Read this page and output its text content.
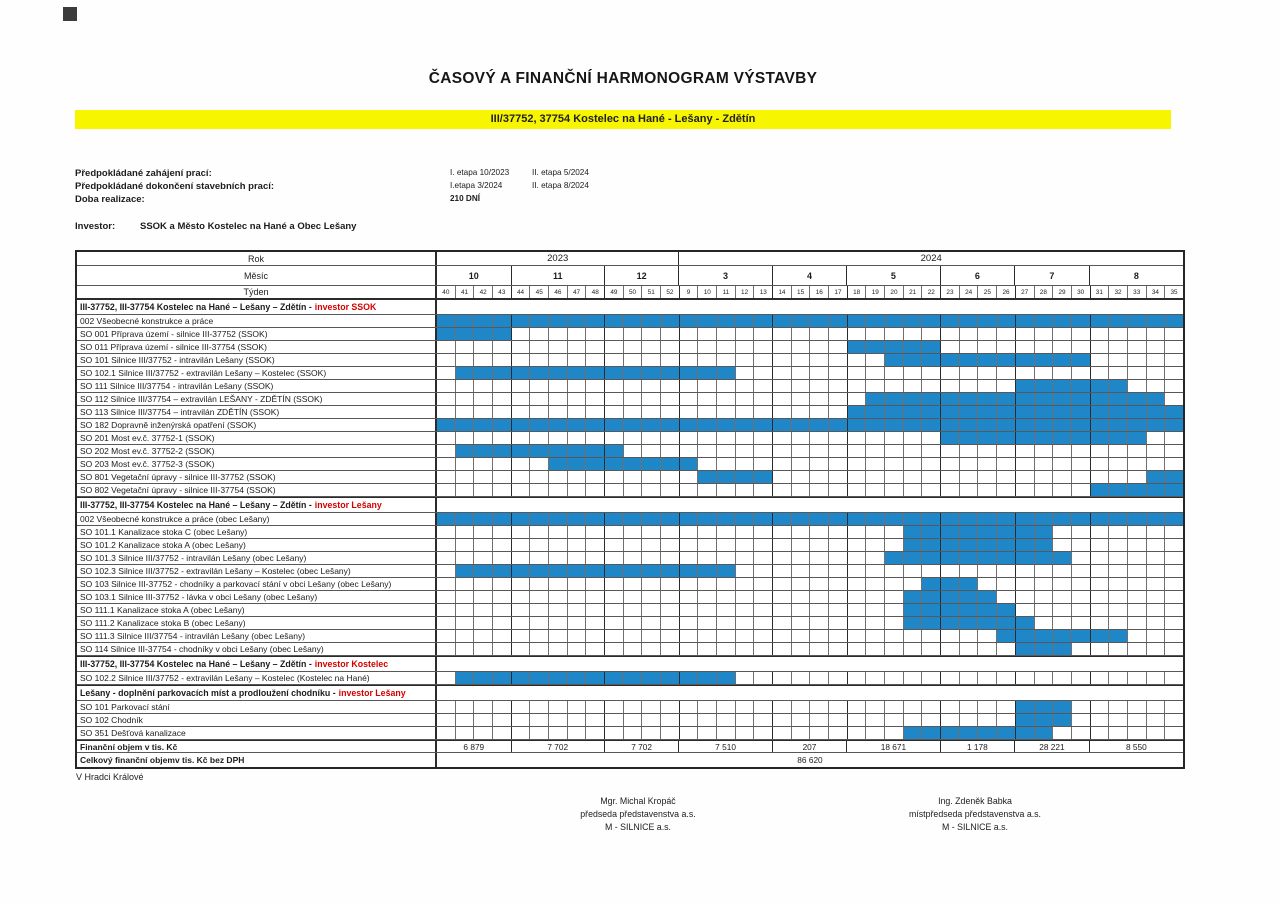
ČASOVÝ A FINANČNÍ HARMONOGRAM VÝSTAVBY
III/37752, 37754 Kostelec na Hané - Lešany - Zdětín
Předpokládané zahájení prací:	I. etapa 10/2023	II. etapa 5/2024
Předpokládané dokončení stavebních prací:	I.etapa 3/2024	II. etapa 8/2024
Doba realizace:	210 DNÍ
Investor:	SSOK a Město Kostelec na Hané a Obec Lešany
Rok	2023	2024
Měsíc	10	11	12	3	4	5	6	7	8
Týden	40	41	42	43	44	45	46	47	48	49	50	51	52	9	10	11	12	13	14	15	16	17	18	19	20	21	22	23	24	25	26	27	28	29	30	31	32	33	34	35
III-37752, III-37754 Kostelec na Hané – Lešany – Zdětín - investor SSOK
002 Všeobecné konstrukce a práce
SO 001 Příprava území - silnice III-37752 (SSOK)
SO 011 Příprava území - silnice III-37754 (SSOK)
SO 101 Silnice III/37752 - intravilán Lešany (SSOK)
SO 102.1 Silnice III/37752 - extravilán Lešany – Kostelec (SSOK)
SO 111 Silnice III/37754 - intravilán Lešany (SSOK)
SO 112 Silnice III/37754 – extravilán LEŠANY - ZDĚTÍN (SSOK)
SO 113 Silnice III/37754 – intravilán ZDĚTÍN (SSOK)
SO 182 Dopravně inženýrská opatření (SSOK)
SO 201 Most ev.č. 37752-1 (SSOK)
SO 202 Most ev.č. 37752-2 (SSOK)
SO 203 Most ev.č. 37752-3 (SSOK)
SO 801 Vegetační úpravy - silnice III-37752 (SSOK)
SO 802 Vegetační úpravy - silnice III-37754 (SSOK)
III-37752, III-37754 Kostelec na Hané – Lešany – Zdětín - investor Lešany
002 Všeobecné konstrukce a práce (obec Lešany)
SO 101.1 Kanalizace stoka C (obec Lešany)
SO 101.2 Kanalizace stoka A (obec Lešany)
SO 101.3 Silnice III/37752 - intravilán Lešany (obec Lešany)
SO 102.3 Silnice III/37752 - extravilán Lešany – Kostelec (obec Lešany)
SO 103 Silnice III-37752 - chodníky a parkovací stání v obci Lešany (obec Lešany)
SO 103.1 Silnice III-37752 - lávka v obci Lešany (obec Lešany)
SO 111.1 Kanalizace stoka A (obec Lešany)
SO 111.2 Kanalizace stoka B (obec Lešany)
SO 111.3 Silnice III/37754 - intravilán Lešany (obec Lešany)
SO 114 Silnice III-37754 - chodníky v obci Lešany (obec Lešany)
III-37752, III-37754 Kostelec na Hané – Lešany – Zdětín - investor Kostelec
SO 102.2 Silnice III/37752 - extravilán Lešany – Kostelec (Kostelec na Hané)
Lešany - doplnění parkovacích míst a prodloužení chodníku - investor Lešany
SO 101 Parkovací stání
SO 102 Chodník
SO 351 Dešťová kanalizace
Finanční objem v tis. Kč	6 879	7 702	7 702	7 510	207	18 671	1 178	28 221	8 550
Celkový finanční objemv tis. Kč bez DPH	86 620
V Hradci Králové
Mgr. Michal Kropáč
předseda představenstva a.s.
M - SILNICE a.s.
Ing. Zdeněk Babka
místpředseda představenstva a.s.
M - SILNICE a.s.
